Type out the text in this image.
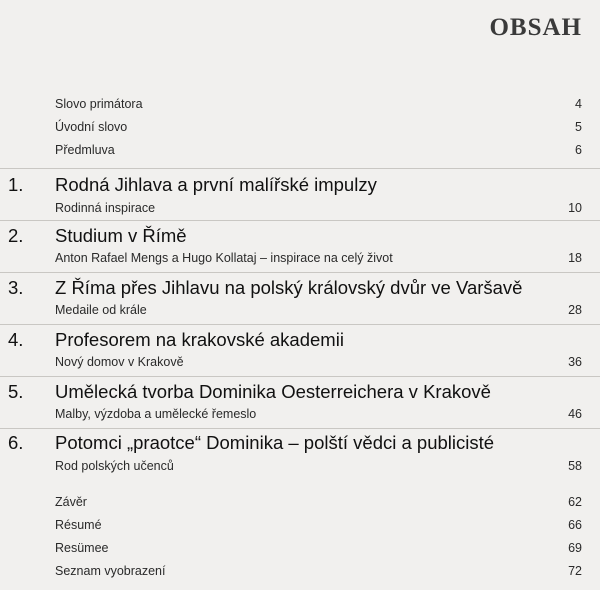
OBSAH
Slovo primátora	4
Úvodní slovo	5
Předmluva	6
1. Rodná Jihlava a první malířské impulzy
Rodinná inspirace	10
2. Studium v Římě
Anton Rafael Mengs a Hugo Kollataj – inspirace na celý život	18
3. Z Říma přes Jihlavu na polský královský dvůr ve Varšavě
Medaile od krále	28
4. Profesorem na krakovské akademii
Nový domov v Krakově	36
5. Umělecká tvorba Dominika Oesterreichera v Krakově
Malby, výzdoba a umělecké řemeslo	46
6. Potomci „praotce“ Dominika – polští vědci a publicisté
Rod polských učenců	58
Závěr	62
Résumé	66
Resümee	69
Seznam vyobrazení	72
